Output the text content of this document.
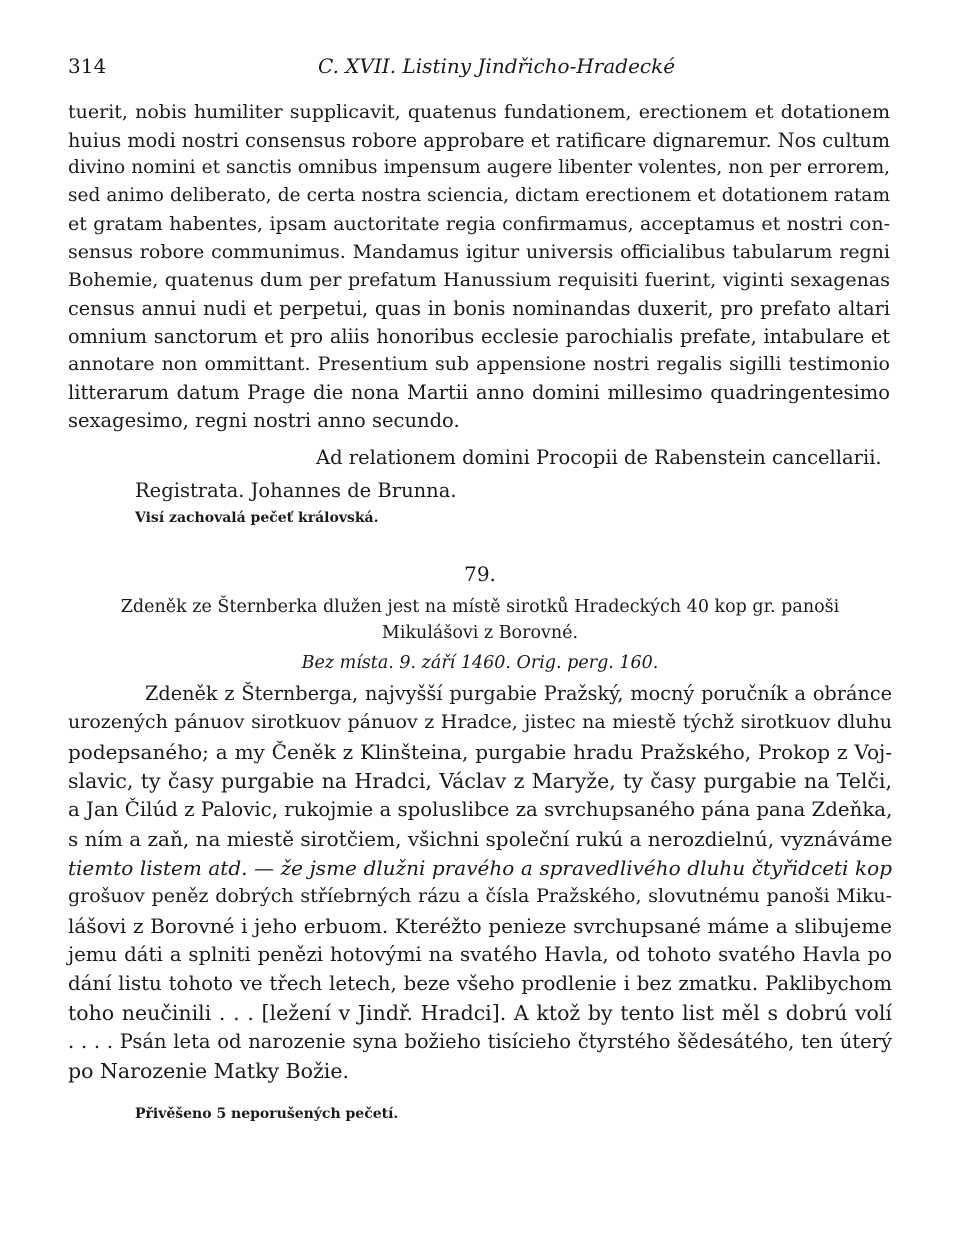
314	C. XVII. Listiny Jindřicho-Hradecké
tuerit, nobis humiliter supplicavit, quatenus fundationem, erectionem et dotationem
huius modi nostri consensus robore approbare et ratificare dignaremur. Nos cultum
divino nomini et sanctis omnibus impensum augere libenter volentes, non per errorem,
sed animo deliberato, de certa nostra sciencia, dictam erectionem et dotationem ratam
et gratam habentes, ipsam auctoritate regia confirmamus, acceptamus et nostri con-
sensus robore communimus. Mandamus igitur universis officialibus tabularum regni
Bohemie, quatenus dum per prefatum Hanussium requisiti fuerint, viginti sexagenas
census annui nudi et perpetui, quas in bonis nominandas duxerit, pro prefato altari
omnium sanctorum et pro aliis honoribus ecclesie parochialis prefate, intabulare et
annotare non ommittant. Presentium sub appensione nostri regalis sigilli testimonio
litterarum datum Prage die nona Martii anno domini millesimo quadringentesimo
sexagesimo, regni nostri anno secundo.
Ad relationem domini Procopii de Rabenstein cancellarii.
Registrata. Johannes de Brunna.
Visí zachovalá pečeť královská.
79.
Zdeněk ze Šternberka dlužen jest na místě sirotků Hradeckých 40 kop gr. panoši
Mikulášovi z Borovné.
Bez místa. 9. září 1460. Orig. perg. 160.
Zdeněk z Šternberga, najvyšší purgabie Pražský, mocný poručník a obránce
urozených pánuov sirotkuov pánuov z Hradce, jistec na miestě týchž sirotkuov dluhu
podepsaného; a my Čeněk z Klinšteina, purgabie hradu Pražského, Prokop z Voj-
slavic, ty časy purgabie na Hradci, Václav z Maryže, ty časy purgabie na Telči,
a Jan Čilúd z Palovic, rukojmie a spoluslibce za svrchupsaného pána pana Zdeňka,
s ním a zaň, na miestě sirotčiem, všichni společní rukú a nerozdielnú, vyznáváme
tiemto listem atd. — že jsme dlužni pravého a spravedlivého dluhu čtyřidceti kop
grošuov peněz dobrých stříebrných rázu a čísla Pražského, slovutnému panoši Miku-
lášovi z Borovné i jeho erbuom. Kteréžto penieze svrchupsané máme a slibujeme
jemu dáti a splniti penězi hotovými na svatého Havla, od tohoto svatého Havla po
dání listu tohoto ve třech letech, beze všeho prodlenie i bez zmatku. Paklibychom
toho neučinili . . . [ležení v Jindř. Hradci]. A ktož by tento list měl s dobrú volí
. . . . Psán leta od narozenie syna božieho tisícieho čtyrstého šědesátého, ten úterý
po Narozenie Matky Božie.
Přivěšeno 5 neporušených pečetí.
